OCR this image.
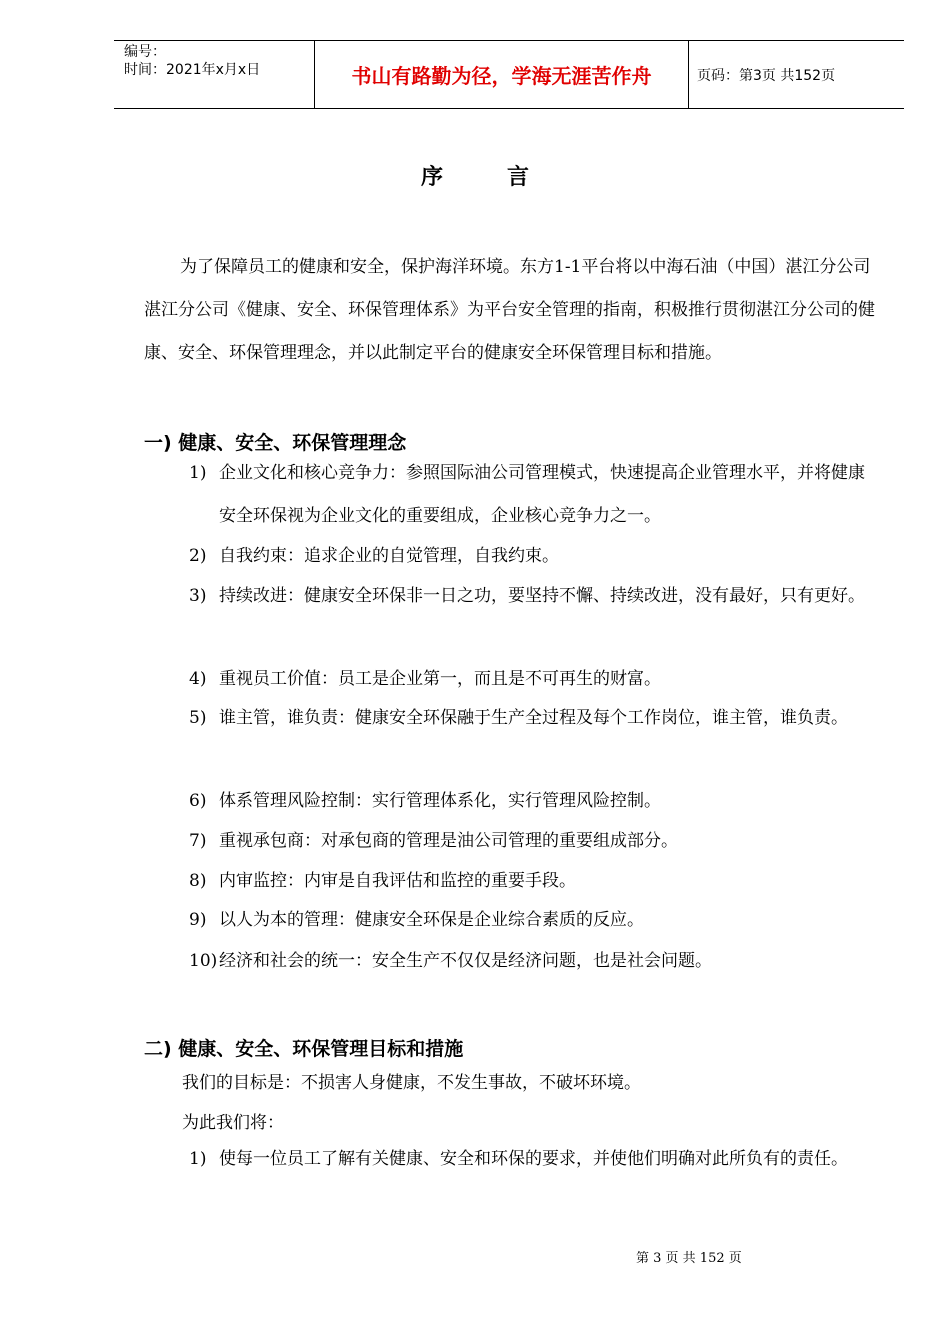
编号：
时间：2021年x月x日	书山有路勤为径，学海无涯苦作舟	页码：第3页 共152页
序	言

为了保障员工的健康和安全，保护海洋环境。东方1-1平台将以中海石油（中国）湛江分公司湛江分公司《健康、安全、环保管理体系》为平台安全管理的指南，积极推行贯彻湛江分公司的健康、安全、环保管理理念，并以此制定平台的健康安全环保管理目标和措施。

一) 健康、安全、环保管理理念

1) 企业文化和核心竞争力：参照国际油公司管理模式，快速提高企业管理水平，并将健康安全环保视为企业文化的重要组成，企业核心竞争力之一。
2) 自我约束：追求企业的自觉管理，自我约束。
3) 持续改进：健康安全环保非一日之功，要坚持不懈、持续改进，没有最好，只有更好。
4) 重视员工价值：员工是企业第一，而且是不可再生的财富。
5) 谁主管，谁负责：健康安全环保融于生产全过程及每个工作岗位，谁主管，谁负责。
6) 体系管理风险控制：实行管理体系化，实行管理风险控制。
7) 重视承包商：对承包商的管理是油公司管理的重要组成部分。
8) 内审监控：内审是自我评估和监控的重要手段。
9) 以人为本的管理：健康安全环保是企业综合素质的反应。
10) 经济和社会的统一：安全生产不仅仅是经济问题，也是社会问题。

二) 健康、安全、环保管理目标和措施

我们的目标是：不损害人身健康，不发生事故，不破坏环境。
为此我们将：
1) 使每一位员工了解有关健康、安全和环保的要求，并使他们明确对此所负有的责任。
第 3 页 共 152 页
